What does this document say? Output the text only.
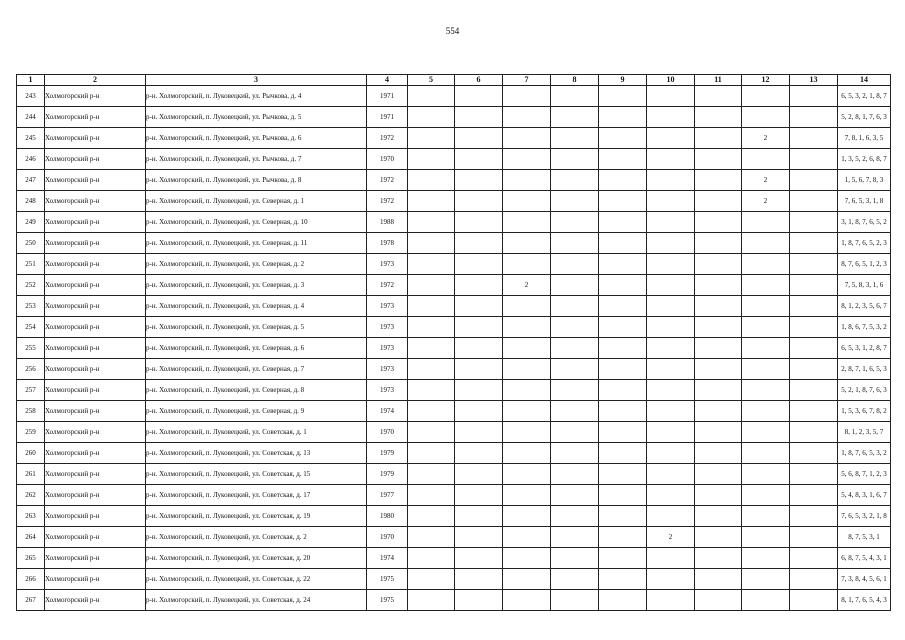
554
1	2	3	4	5	6	7	8	9	10	11	12	13	14
243	Холмогорский р-н	р-н. Холмогорский, п. Луковецкий, ул. Рычкова, д. 4	1971										6, 5, 3, 2, 1, 8, 7
244	Холмогорский р-н	р-н. Холмогорский, п. Луковецкий, ул. Рычкова, д. 5	1971										5, 2, 8, 1, 7, 6, 3
245	Холмогорский р-н	р-н. Холмогорский, п. Луковецкий, ул. Рычкова, д. 6	1972								2		7, 8, 1, 6, 3, 5
246	Холмогорский р-н	р-н. Холмогорский, п. Луковецкий, ул. Рычкова, д. 7	1970										1, 3, 5, 2, 6, 8, 7
247	Холмогорский р-н	р-н. Холмогорский, п. Луковецкий, ул. Рычкова, д. 8	1972								2		1, 5, 6, 7, 8, 3
248	Холмогорский р-н	р-н. Холмогорский, п. Луковецкий, ул. Северная, д. 1	1972								2		7, 6, 5, 3, 1, 8
249	Холмогорский р-н	р-н. Холмогорский, п. Луковецкий, ул. Северная, д. 10	1988										3, 1, 8, 7, 6, 5, 2
250	Холмогорский р-н	р-н. Холмогорский, п. Луковецкий, ул. Северная, д. 11	1978										1, 8, 7, 6, 5, 2, 3
251	Холмогорский р-н	р-н. Холмогорский, п. Луковецкий, ул. Северная, д. 2	1973										8, 7, 6, 5, 1, 2, 3
252	Холмогорский р-н	р-н. Холмогорский, п. Луковецкий, ул. Северная, д. 3	1972			2							7, 5, 8, 3, 1, 6
253	Холмогорский р-н	р-н. Холмогорский, п. Луковецкий, ул. Северная, д. 4	1973										8, 1, 2, 3, 5, 6, 7
254	Холмогорский р-н	р-н. Холмогорский, п. Луковецкий, ул. Северная, д. 5	1973										1, 8, 6, 7, 5, 3, 2
255	Холмогорский р-н	р-н. Холмогорский, п. Луковецкий, ул. Северная, д. 6	1973										6, 5, 3, 1, 2, 8, 7
256	Холмогорский р-н	р-н. Холмогорский, п. Луковецкий, ул. Северная, д. 7	1973										2, 8, 7, 1, 6, 5, 3
257	Холмогорский р-н	р-н. Холмогорский, п. Луковецкий, ул. Северная, д. 8	1973										5, 2, 1, 8, 7, 6, 3
258	Холмогорский р-н	р-н. Холмогорский, п. Луковецкий, ул. Северная, д. 9	1974										1, 5, 3, 6, 7, 8, 2
259	Холмогорский р-н	р-н. Холмогорский, п. Луковецкий, ул. Советская, д. 1	1970										8, 1, 2, 3, 5, 7
260	Холмогорский р-н	р-н. Холмогорский, п. Луковецкий, ул. Советская, д. 13	1979										1, 8, 7, 6, 5, 3, 2
261	Холмогорский р-н	р-н. Холмогорский, п. Луковецкий, ул. Советская, д. 15	1979										5, 6, 8, 7, 1, 2, 3
262	Холмогорский р-н	р-н. Холмогорский, п. Луковецкий, ул. Советская, д. 17	1977										5, 4, 8, 3, 1, 6, 7
263	Холмогорский р-н	р-н. Холмогорский, п. Луковецкий, ул. Советская, д. 19	1980										7, 6, 5, 3, 2, 1, 8
264	Холмогорский р-н	р-н. Холмогорский, п. Луковецкий, ул. Советская, д. 2	1970						2				8, 7, 5, 3, 1
265	Холмогорский р-н	р-н. Холмогорский, п. Луковецкий, ул. Советская, д. 20	1974										6, 8, 7, 5, 4, 3, 1
266	Холмогорский р-н	р-н. Холмогорский, п. Луковецкий, ул. Советская, д. 22	1975										7, 3, 8, 4, 5, 6, 1
267	Холмогорский р-н	р-н. Холмогорский, п. Луковецкий, ул. Советская, д. 24	1975										8, 1, 7, 6, 5, 4, 3
